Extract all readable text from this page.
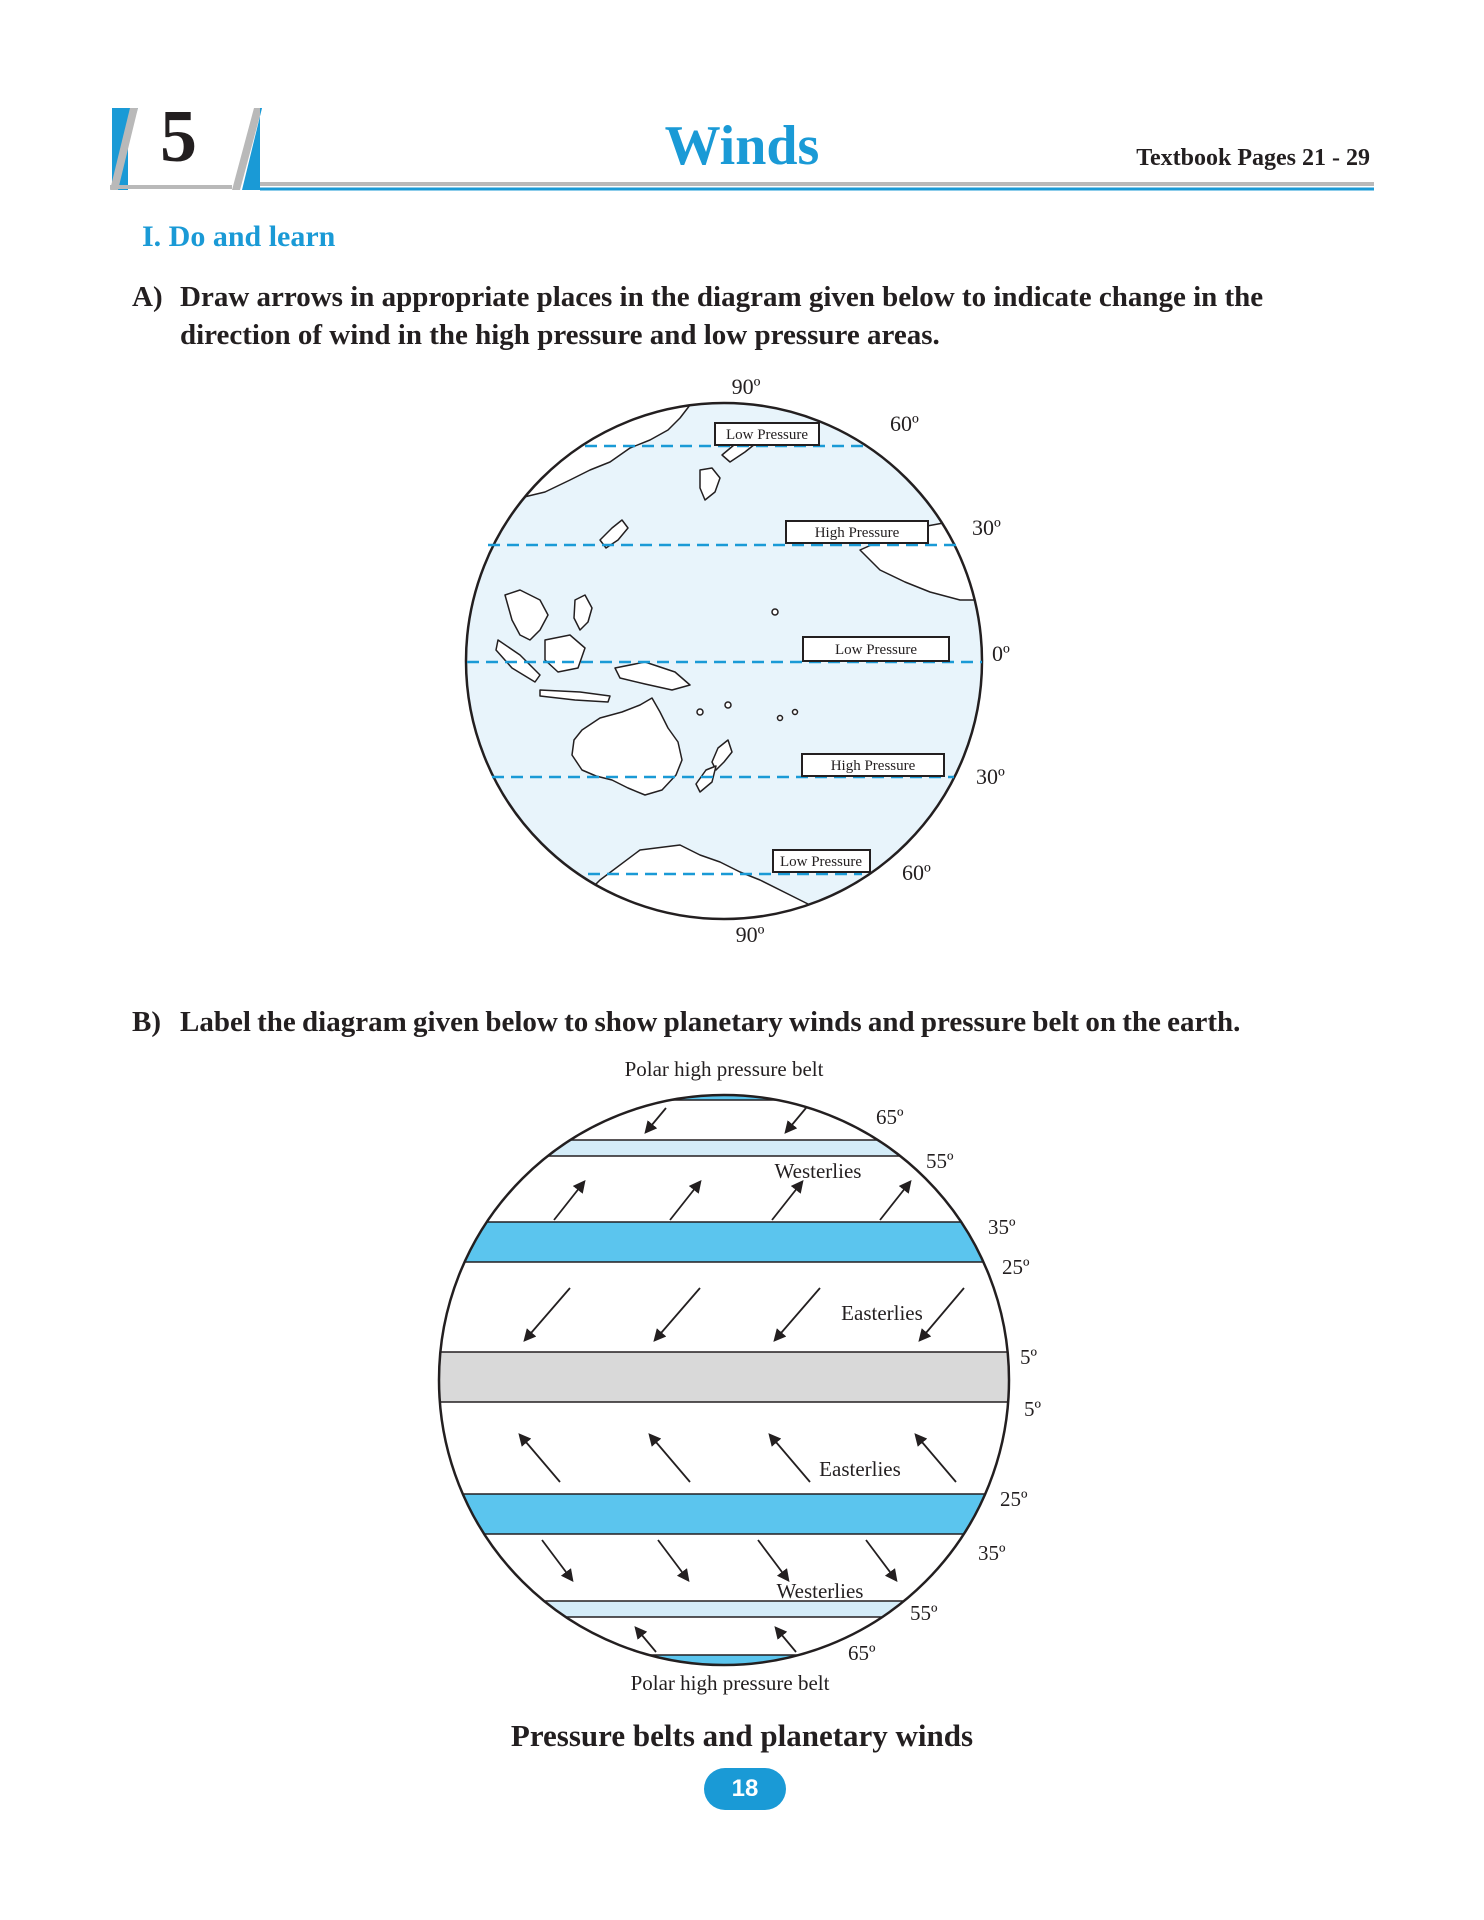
5	Winds	Textbook Pages 21 - 29
I. Do and learn
A) Draw arrows in appropriate places in the diagram given below to indicate change in the
direction of wind in the high pressure and low pressure areas.
Low Pressure
High Pressure
Low Pressure
High Pressure
Low Pressure
90º
60º
30º
0º
30º
60º
90º
B) Label the diagram given below to show planetary winds and pressure belt on the earth.
Polar high pressure belt
Westerlies
Easterlies
Easterlies
Westerlies
Polar high pressure belt
65º
55º
35º
25º
5º
5º
25º
35º
55º
65º
Pressure belts and planetary winds
18
